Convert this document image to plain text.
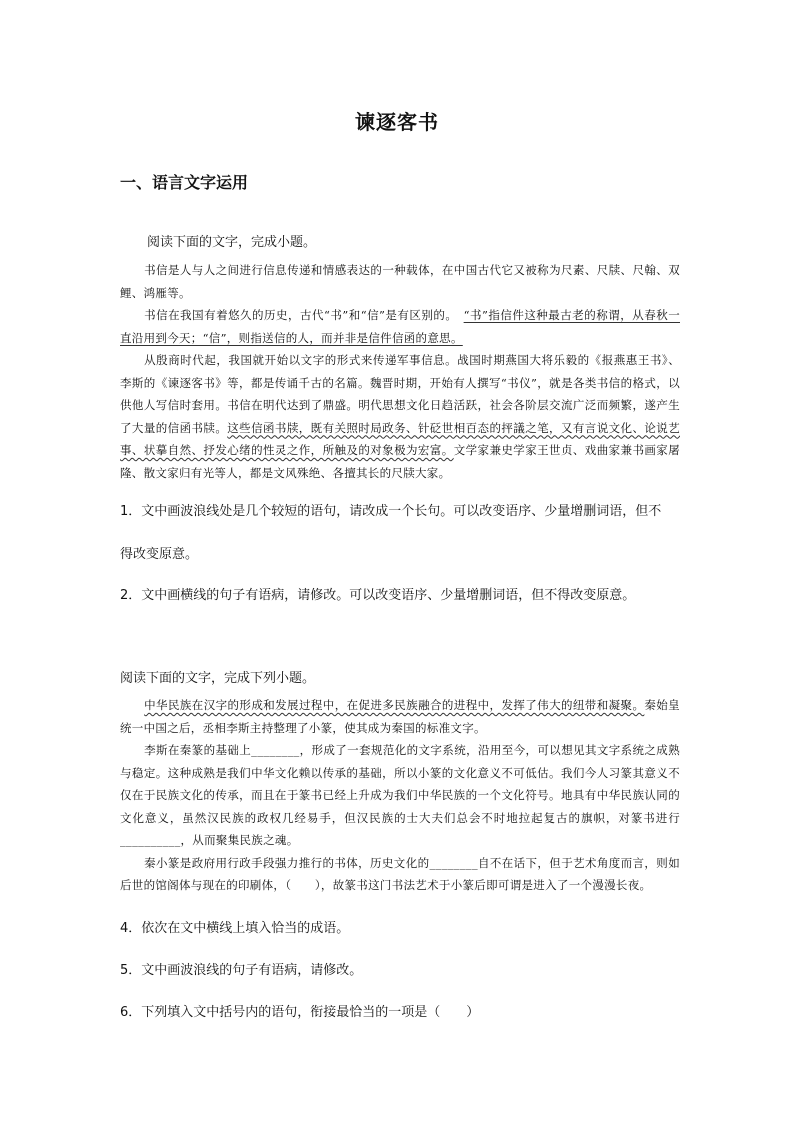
谏逐客书
一、语言文字运用
阅读下面的文字，完成小题。

书信是人与人之间进行信息传递和情感表达的一种载体，在中国古代它又被称为尺素、尺牍、尺翰、双鲤、鸿雁等。

书信在我国有着悠久的历史，古代“书”和“信”是有区别的。　 “书”指信件这种最古老的称谓，从春秋一直沿用到今天；“信”，则指送信的人，而并非是信件信函的意思。

从殷商时代起，我国就开始以文字的形式来传递军事信息。战国时期燕国大将乐毅的《报燕惠王书》、李斯的《谏逐客书》等，都是传诵千古的名篇。魏晋时期，开始有人撰写“书仪”，就是各类书信的格式，以供他人写信时套用。书信在明代达到了鼎盛。明代思想文化日趋活跃，社会各阶层交流广泛而频繁，遂产生了大量的信函书牍。这些信函书牍，既有关照时局政务、针砭世相百态的抨議之笔，又有言说文化、论说艺事、状摹自然、抒发心绪的性灵之作，所触及的对象极为宏富。文学家兼史学家王世贞、戏曲家兼书画家屠隆、散文家归有光等人，都是文风殊绝、各擅其长的尺牍大家。

1．文中画波浪线处是几个较短的语句，请改成一个长句。可以改变语序、少量增删词语，但不
得改变原意。
2．文中画横线的句子有语病，请修改。可以改变语序、少量增删词语，但不得改变原意。
阅读下面的文字，完成下列小题。

中华民族在汉字的形成和发展过程中，在促进多民族融合的进程中，发挥了伟大的纽带和凝聚。秦始皇统一中国之后，丞相李斯主持整理了小篆，使其成为秦国的标准文字。

李斯在秦篆的基础上________，形成了一套规范化的文字系统，沿用至今，可以想见其文字系统之成熟与稳定。这种成熟是我们中华文化赖以传承的基础，所以小篆的文化意义不可低估。我们今人习篆其意义不仅在于民族文化的传承，而且在于篆书已经上升成为我们中华民族的一个文化符号。地具有中华民族认同的文化意义，虽然汉民族的政权几经易手，但汉民族的士大夫们总会不时地拉起复古的旗帜，对篆书进行__________，从而聚集民族之魂。

秦小篆是政府用行政手段强力推行的书体，历史文化的________自不在话下，但于艺术角度而言，则如后世的馆阁体与现在的印刷体，（　　），故篆书这门书法艺术于小篆后即可谓是进入了一个漫漫长夜。

4．依次在文中横线上填入恰当的成语。
5．文中画波浪线的句子有语病，请修改。
6．下列填入文中括号内的语句，衔接最恰当的一项是（　　）
